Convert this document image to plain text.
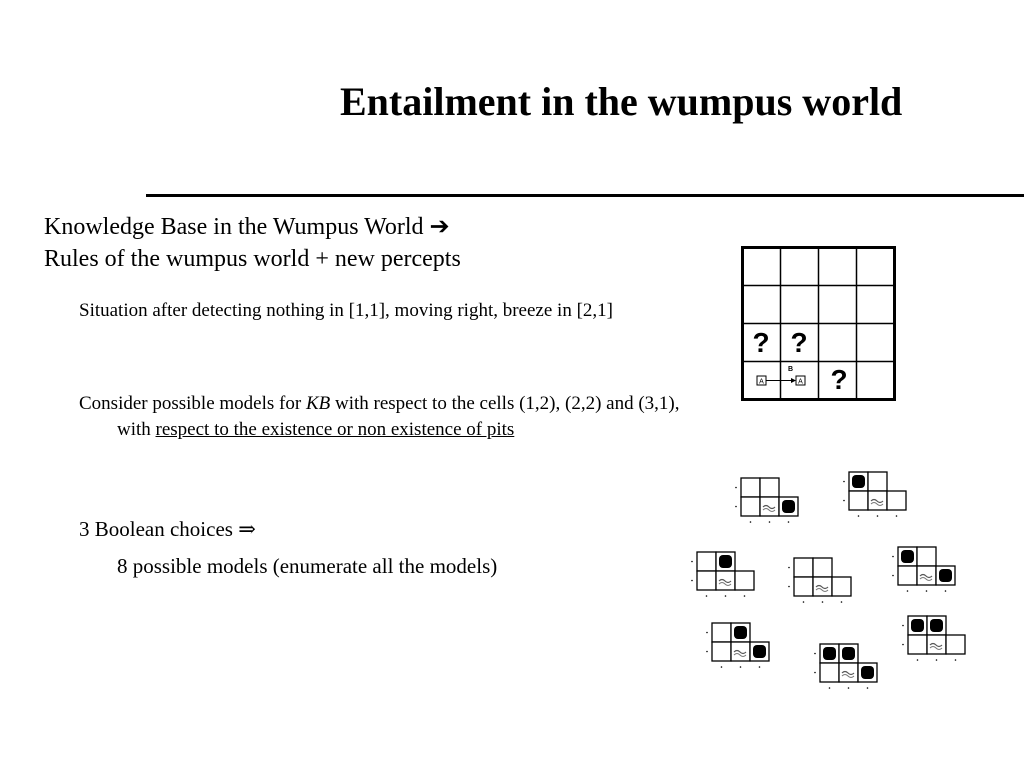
Entailment in the wumpus world
Knowledge Base in the Wumpus World ➔
Rules of the wumpus world + new percepts
Situation after detecting nothing in [1,1], moving right, breeze in [2,1]
Consider possible models for KB with respect to the cells (1,2), (2,2) and (3,1), with respect to the existence or non existence of pits
3 Boolean choices ⇒
8 possible models (enumerate all the models)
? ?
?
A	A
B
